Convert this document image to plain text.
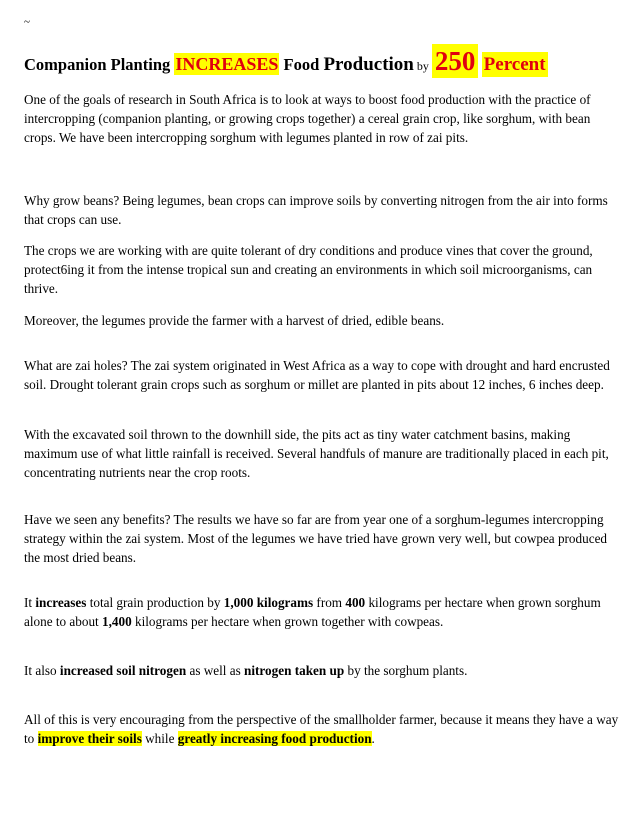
~
Companion Planting INCREASES Food Production by 250 Percent

One of the goals of research in South Africa is to look at ways to boost food production with the practice of intercropping (companion planting, or growing crops together) a cereal grain crop, like sorghum, with bean crops. We have been intercropping sorghum with legumes planted in row of zai pits.

Why grow beans? Being legumes, bean crops can improve soils by converting nitrogen from the air into forms that crops can use.

The crops we are working with are quite tolerant of dry conditions and produce vines that cover the ground, protect6ing it from the intense tropical sun and creating an environments in which soil microorganisms, can thrive.

Moreover, the legumes provide the farmer with a harvest of dried, edible beans.

What are zai holes? The zai system originated in West Africa as a way to cope with drought and hard encrusted soil. Drought tolerant grain crops such as sorghum or millet are planted in pits about 12 inches, 6 inches deep.

With the excavated soil thrown to the downhill side, the pits act as tiny water catchment basins, making maximum use of what little rainfall is received. Several handfuls of manure are traditionally placed in each pit, concentrating nutrients near the crop roots.

Have we seen any benefits? The results we have so far are from year one of a sorghum-legumes intercropping strategy within the zai system. Most of the legumes we have tried have grown very well, but cowpea produced the most dried beans.

It increases total grain production by 1,000 kilograms from 400 kilograms per hectare when grown sorghum alone to about 1,400 kilograms per hectare when grown together with cowpeas.

It also increased soil nitrogen as well as nitrogen taken up by the sorghum plants.

All of this is very encouraging from the perspective of the smallholder farmer, because it means they have a way to improve their soils while greatly increasing food production.
